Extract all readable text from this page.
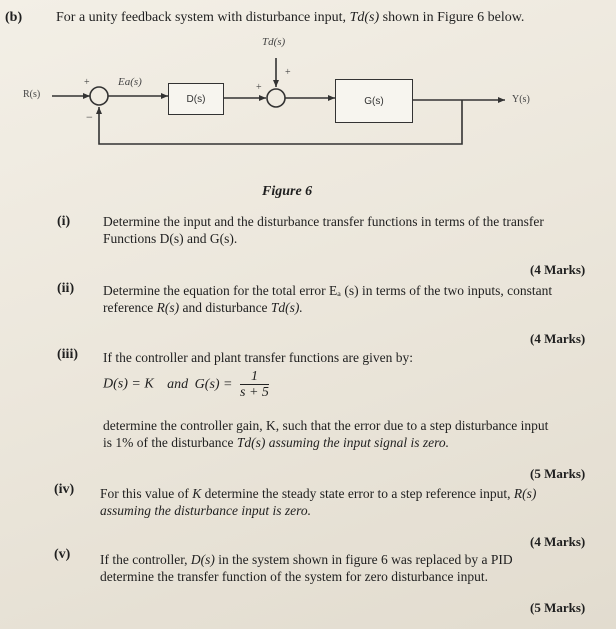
(b) For a unity feedback system with disturbance input, Td(s) shown in Figure 6 below.
D(s)	G(s)
R(s)
Ea(s)
Td(s)
Y(s)
+
−
+
+
Figure 6
(i) Determine the input and the disturbance transfer functions in terms of the transfer
Functions D(s) and G(s).
(4 Marks)
(ii) Determine the equation for the total error Eₐ (s) in terms of the two inputs, constant
reference R(s) and disturbance Td(s).
(4 Marks)
(iii) If the controller and plant transfer functions are given by:
D(s) = K and $G(s) = \frac{1}{s + 5}$
determine the controller gain, K, such that the error due to a step disturbance input
is 1% of the disturbance Td(s) assuming the input signal is zero.
(5 Marks)
(iv) For this value of K determine the steady state error to a step reference input, R(s)
assuming the disturbance input is zero.
(4 Marks)
(v) If the controller, D(s) in the system shown in figure 6 was replaced by a PID
determine the transfer function of the system for zero disturbance input.
(5 Marks)
